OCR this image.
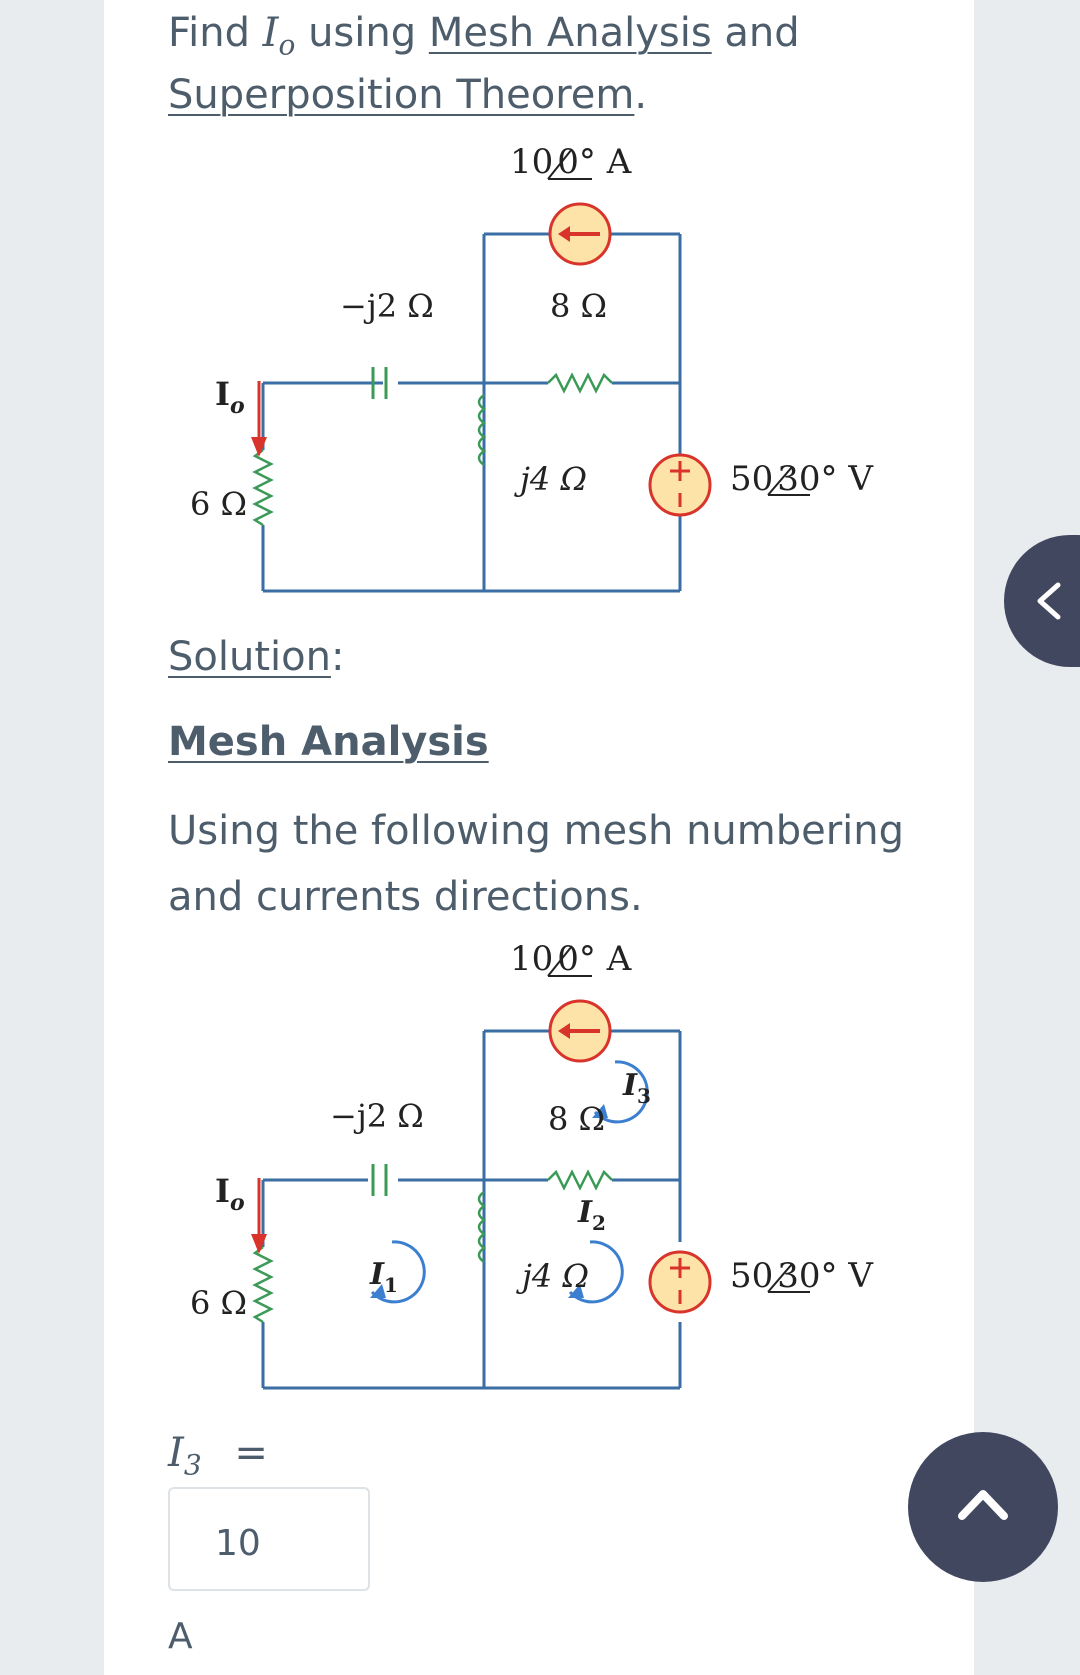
Find $I_o$ using Mesh Analysis and
Superposition Theorem.
10 0° A
−j2 Ω	8 Ω
j4 Ω
6 Ω
$I_o$
50 30° V
Solution:
Mesh Analysis
Using the following mesh numbering and currents directions.
10 0° A
−j2 Ω	8 Ω
j4 Ω
6 Ω
$I_o$
$I_1$
$I_2$
$I_3$
50 30° V
$I_3$ =
10
A
